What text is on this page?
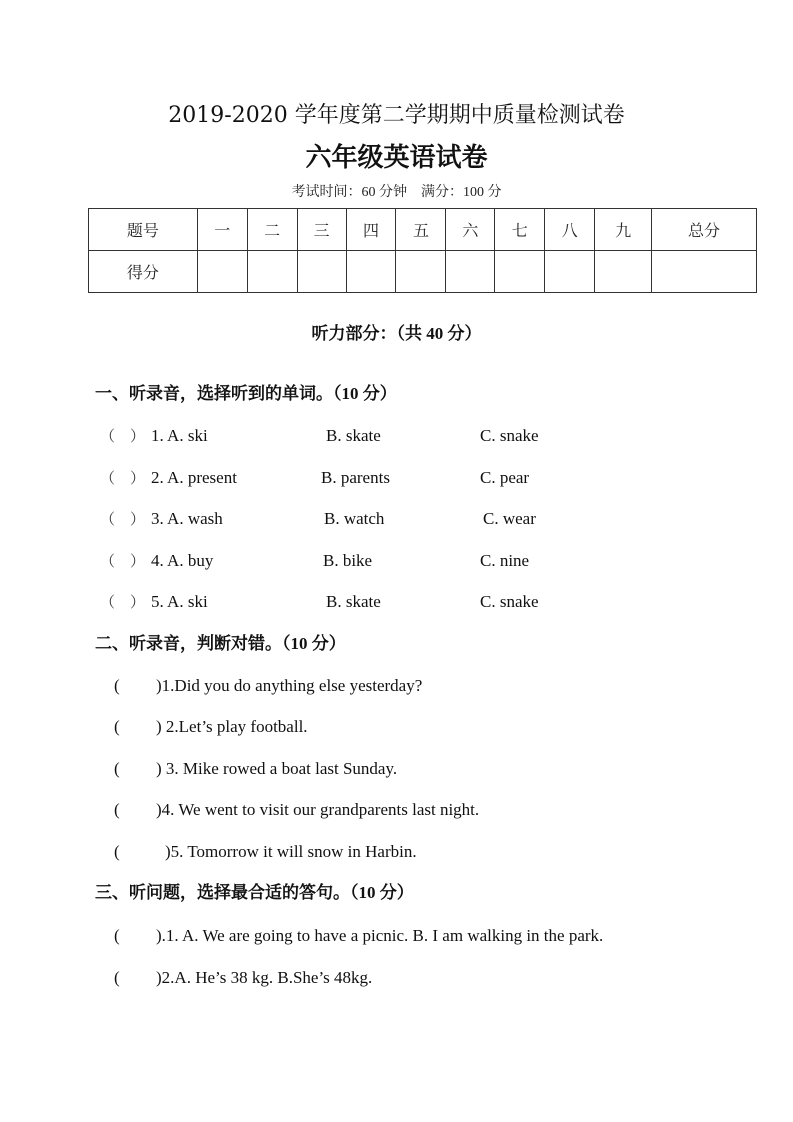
2019-2020 学年度第二学期期中质量检测试卷
六年级英语试卷
考试时间：60 分钟　满分：100 分
题号	一	二	三	四	五	六	七	八	九	总分
得分										
听力部分：（共 40 分）
一、听录音，选择听到的单词。（10 分）
（　） 1. A. ski	B. skate	C. snake
（　） 2. A. present	B. parents	C. pear
（　） 3. A. wash	B. watch	C. wear
（　） 4. A. buy	B. bike	C. nine
（　） 5. A. ski	B. skate	C. snake
二、听录音，判断对错。（10 分）
( )1.Did you do anything else yesterday?
( ) 2.Let’s play football.
( ) 3. Mike rowed a boat last Sunday.
( )4. We went to visit our grandparents last night.
(	)5. Tomorrow it will snow in Harbin.
三、听问题，选择最合适的答句。（10 分）
( ).1. A. We are going to have a picnic. B. I am walking in the park.
( )2.A. He’s 38 kg. B.She’s 48kg.
